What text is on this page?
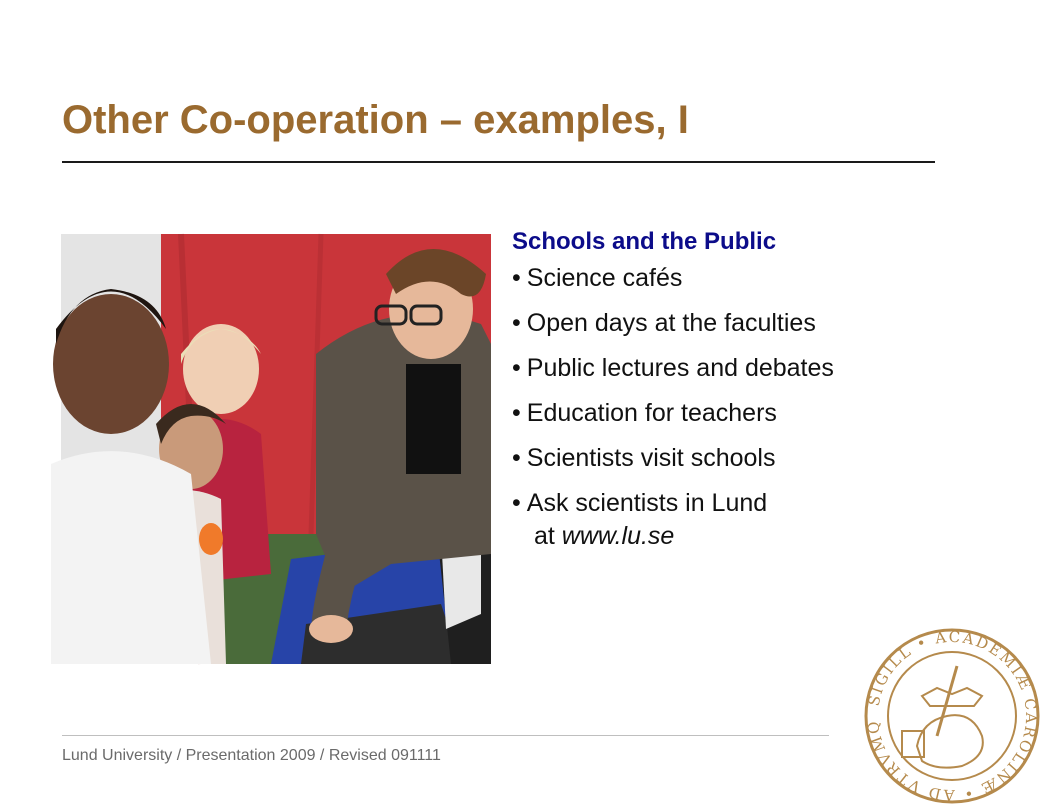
Other Co-operation – examples, I
Schools and the Public
• Science cafés
• Open days at the faculties
• Public lectures and debates
• Education for teachers
• Scientists visit schools
• Ask scientists in Lund
at www.lu.se
Lund University / Presentation 2009 / Revised 091111
SIGILL • ACADEMIÆ CAROLINÆ • AD VTRVMQ
